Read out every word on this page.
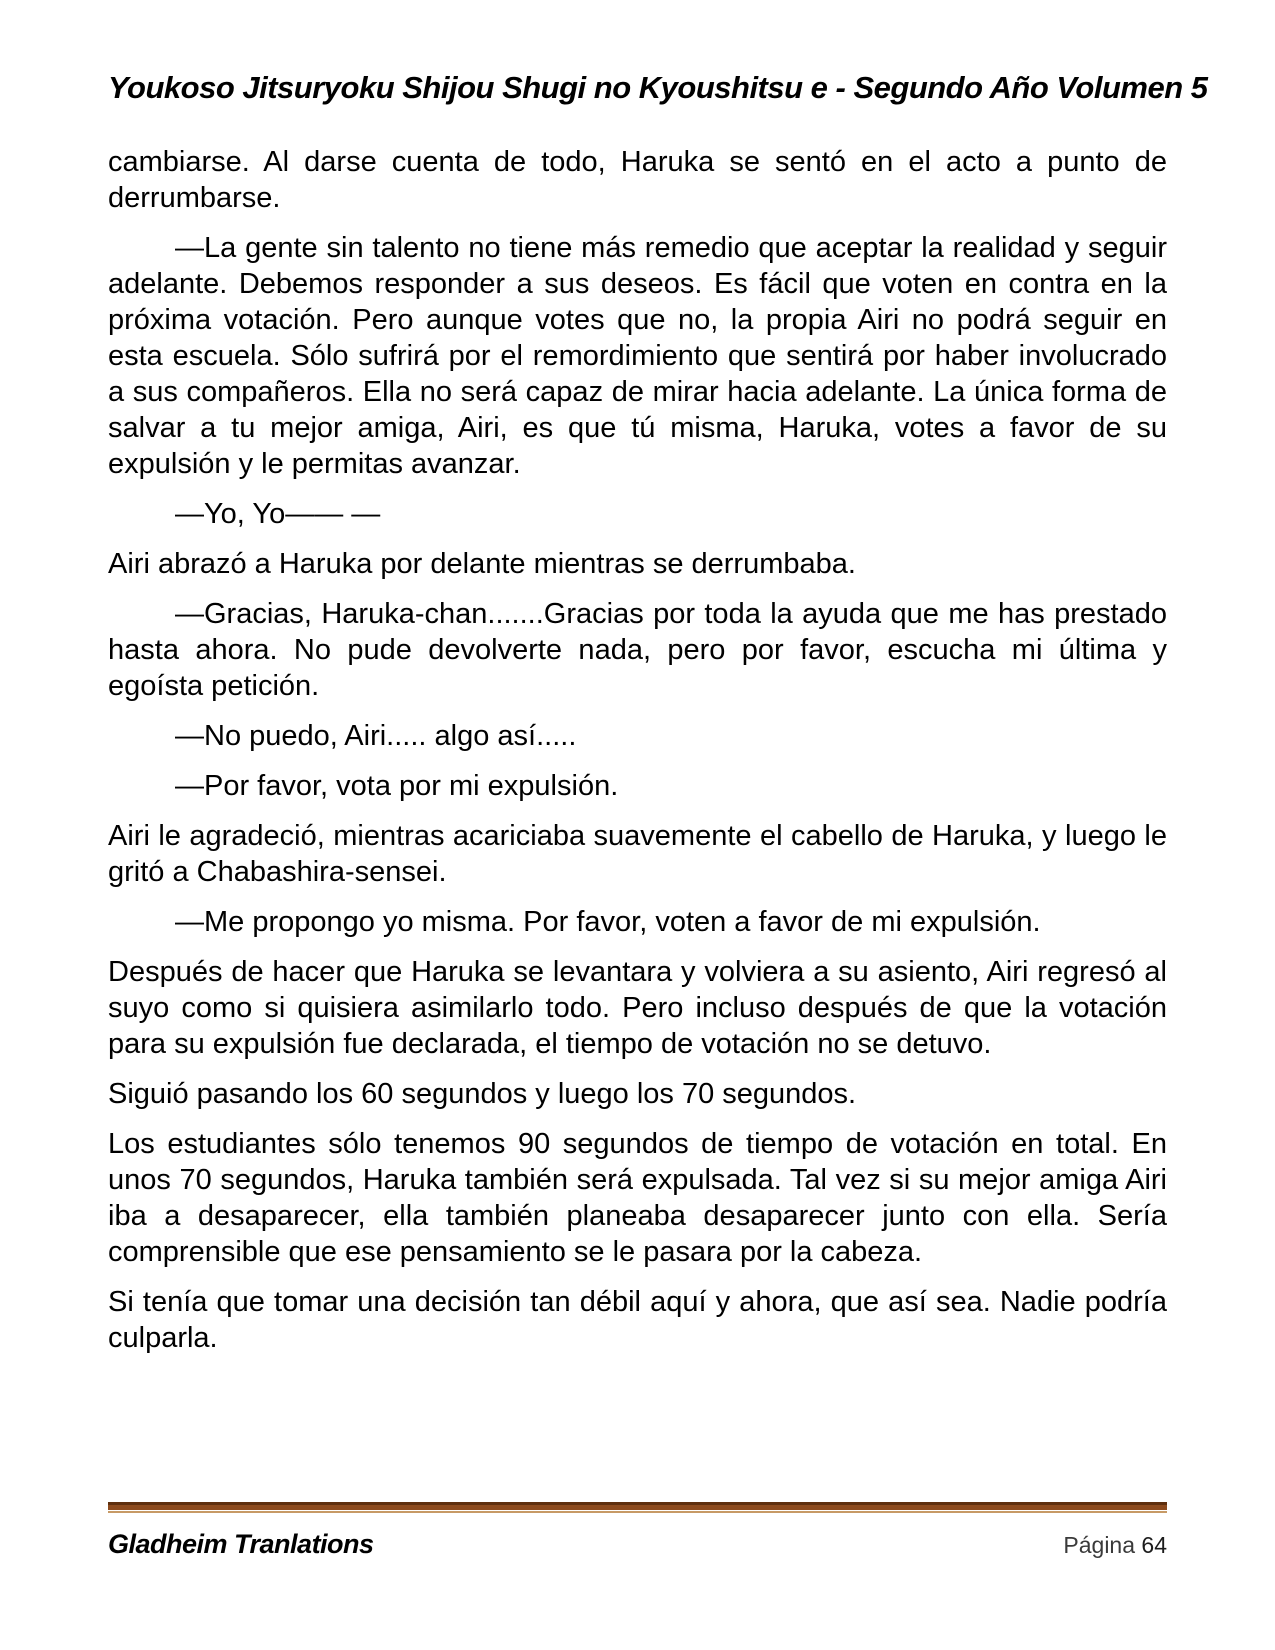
Youkoso Jitsuryoku Shijou Shugi no Kyoushitsu e - Segundo Año Volumen 5

cambiarse. Al darse cuenta de todo, Haruka se sentó en el acto a punto de derrumbarse.

—La gente sin talento no tiene más remedio que aceptar la realidad y seguir adelante. Debemos responder a sus deseos. Es fácil que voten en contra en la próxima votación. Pero aunque votes que no, la propia Airi no podrá seguir en esta escuela. Sólo sufrirá por el remordimiento que sentirá por haber involucrado a sus compañeros. Ella no será capaz de mirar hacia adelante. La única forma de salvar a tu mejor amiga, Airi, es que tú misma, Haruka, votes a favor de su expulsión y le permitas avanzar.

—Yo, Yo—— —

Airi abrazó a Haruka por delante mientras se derrumbaba.

—Gracias, Haruka-chan.......Gracias por toda la ayuda que me has prestado hasta ahora. No pude devolverte nada, pero por favor, escucha mi última y egoísta petición.

—No puedo, Airi..... algo así.....

—Por favor, vota por mi expulsión.

Airi le agradeció, mientras acariciaba suavemente el cabello de Haruka, y luego le gritó a Chabashira-sensei.

—Me propongo yo misma. Por favor, voten a favor de mi expulsión.

Después de hacer que Haruka se levantara y volviera a su asiento, Airi regresó al suyo como si quisiera asimilarlo todo. Pero incluso después de que la votación para su expulsión fue declarada, el tiempo de votación no se detuvo.

Siguió pasando los 60 segundos y luego los 70 segundos.

Los estudiantes sólo tenemos 90 segundos de tiempo de votación en total. En unos 70 segundos, Haruka también será expulsada. Tal vez si su mejor amiga Airi iba a desaparecer, ella también planeaba desaparecer junto con ella. Sería comprensible que ese pensamiento se le pasara por la cabeza.

Si tenía que tomar una decisión tan débil aquí y ahora, que así sea. Nadie podría culparla.

Gladheim Tranlations	Página 64
